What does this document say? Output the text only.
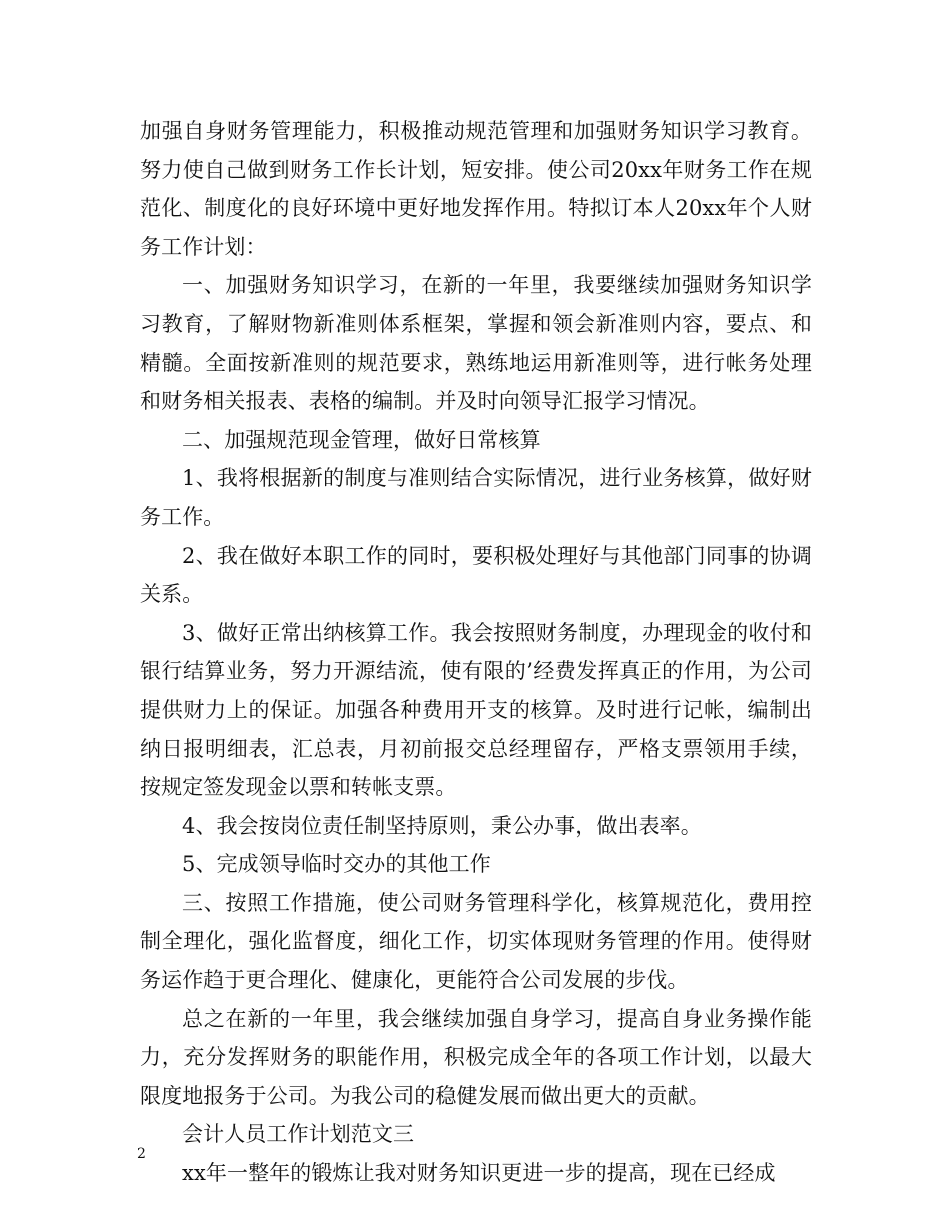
加强自身财务管理能力，积极推动规范管理和加强财务知识学习教育。努力使自己做到财务工作长计划，短安排。使公司20xx年财务工作在规范化、制度化的良好环境中更好地发挥作用。特拟订本人20xx年个人财务工作计划：

一、加强财务知识学习，在新的一年里，我要继续加强财务知识学习教育，了解财物新准则体系框架，掌握和领会新准则内容，要点、和精髓。全面按新准则的规范要求，熟练地运用新准则等，进行帐务处理和财务相关报表、表格的编制。并及时向领导汇报学习情况。

二、加强规范现金管理，做好日常核算

1、我将根据新的制度与准则结合实际情况，进行业务核算，做好财务工作。

2、我在做好本职工作的同时，要积极处理好与其他部门同事的协调关系。

3、做好正常出纳核算工作。我会按照财务制度，办理现金的收付和银行结算业务，努力开源结流，使有限的’经费发挥真正的作用，为公司提供财力上的保证。加强各种费用开支的核算。及时进行记帐，编制出纳日报明细表，汇总表，月初前报交总经理留存，严格支票领用手续，按规定签发现金以票和转帐支票。

4、我会按岗位责任制坚持原则，秉公办事，做出表率。

5、完成领导临时交办的其他工作

三、按照工作措施，使公司财务管理科学化，核算规范化，费用控制全理化，强化监督度，细化工作，切实体现财务管理的作用。使得财务运作趋于更合理化、健康化，更能符合公司发展的步伐。

总之在新的一年里，我会继续加强自身学习，提高自身业务操作能力，充分发挥财务的职能作用，积极完成全年的各项工作计划，以最大限度地报务于公司。为我公司的稳健发展而做出更大的贡献。

会计人员工作计划范文三

xx年一整年的锻炼让我对财务知识更进一步的提高，现在已经成

2
